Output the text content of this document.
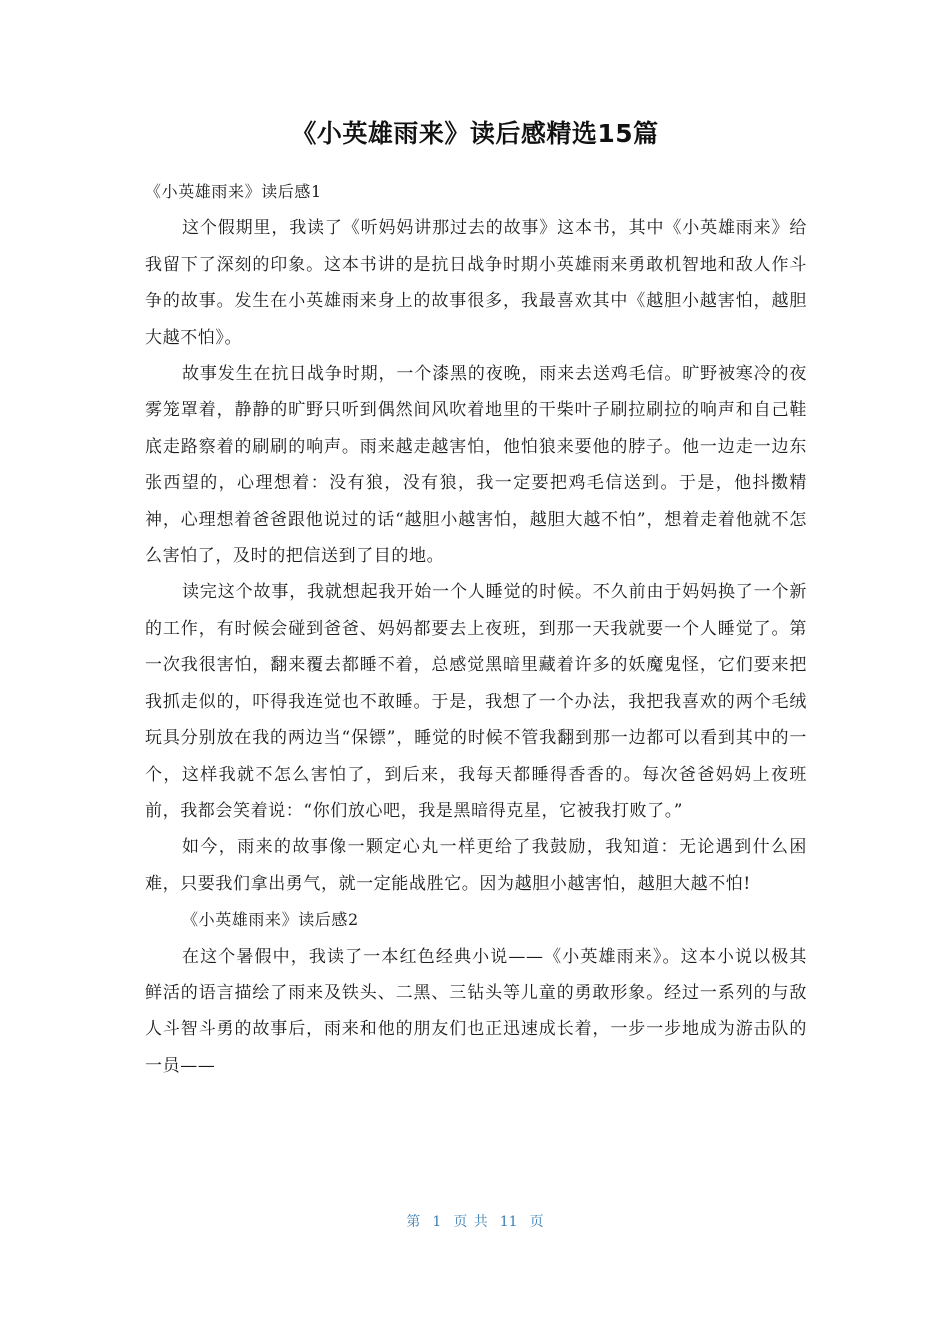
《小英雄雨来》读后感精选15篇

《小英雄雨来》读后感1

这个假期里，我读了《听妈妈讲那过去的故事》这本书，其中《小英雄雨来》给我留下了深刻的印象。这本书讲的是抗日战争时期小英雄雨来勇敢机智地和敌人作斗争的故事。发生在小英雄雨来身上的故事很多，我最喜欢其中《越胆小越害怕，越胆大越不怕》。

故事发生在抗日战争时期，一个漆黑的夜晚，雨来去送鸡毛信。旷野被寒冷的夜雾笼罩着，静静的旷野只听到偶然间风吹着地里的干柴叶子刷拉刷拉的响声和自己鞋底走路察着的刷刷的响声。雨来越走越害怕，他怕狼来要他的脖子。他一边走一边东张西望的，心理想着：没有狼，没有狼，我一定要把鸡毛信送到。于是，他抖擞精神，心理想着爸爸跟他说过的话“越胆小越害怕，越胆大越不怕”，想着走着他就不怎么害怕了，及时的把信送到了目的地。

读完这个故事，我就想起我开始一个人睡觉的时候。不久前由于妈妈换了一个新的工作，有时候会碰到爸爸、妈妈都要去上夜班，到那一天我就要一个人睡觉了。第一次我很害怕，翻来覆去都睡不着，总感觉黑暗里藏着许多的妖魔鬼怪，它们要来把我抓走似的，吓得我连觉也不敢睡。于是，我想了一个办法，我把我喜欢的两个毛绒玩具分别放在我的两边当“保镖”，睡觉的时候不管我翻到那一边都可以看到其中的一个，这样我就不怎么害怕了，到后来，我每天都睡得香香的。每次爸爸妈妈上夜班前，我都会笑着说：“你们放心吧，我是黑暗得克星，它被我打败了。”

如今，雨来的故事像一颗定心丸一样更给了我鼓励，我知道：无论遇到什么困难，只要我们拿出勇气，就一定能战胜它。因为越胆小越害怕，越胆大越不怕!

《小英雄雨来》读后感2

在这个暑假中，我读了一本红色经典小说——《小英雄雨来》。这本小说以极其鲜活的语言描绘了雨来及铁头、二黑、三钻头等儿童的勇敢形象。经过一系列的与敌人斗智斗勇的故事后，雨来和他的朋友们也正迅速成长着，一步一步地成为游击队的一员——

第 1 页 共 11 页
